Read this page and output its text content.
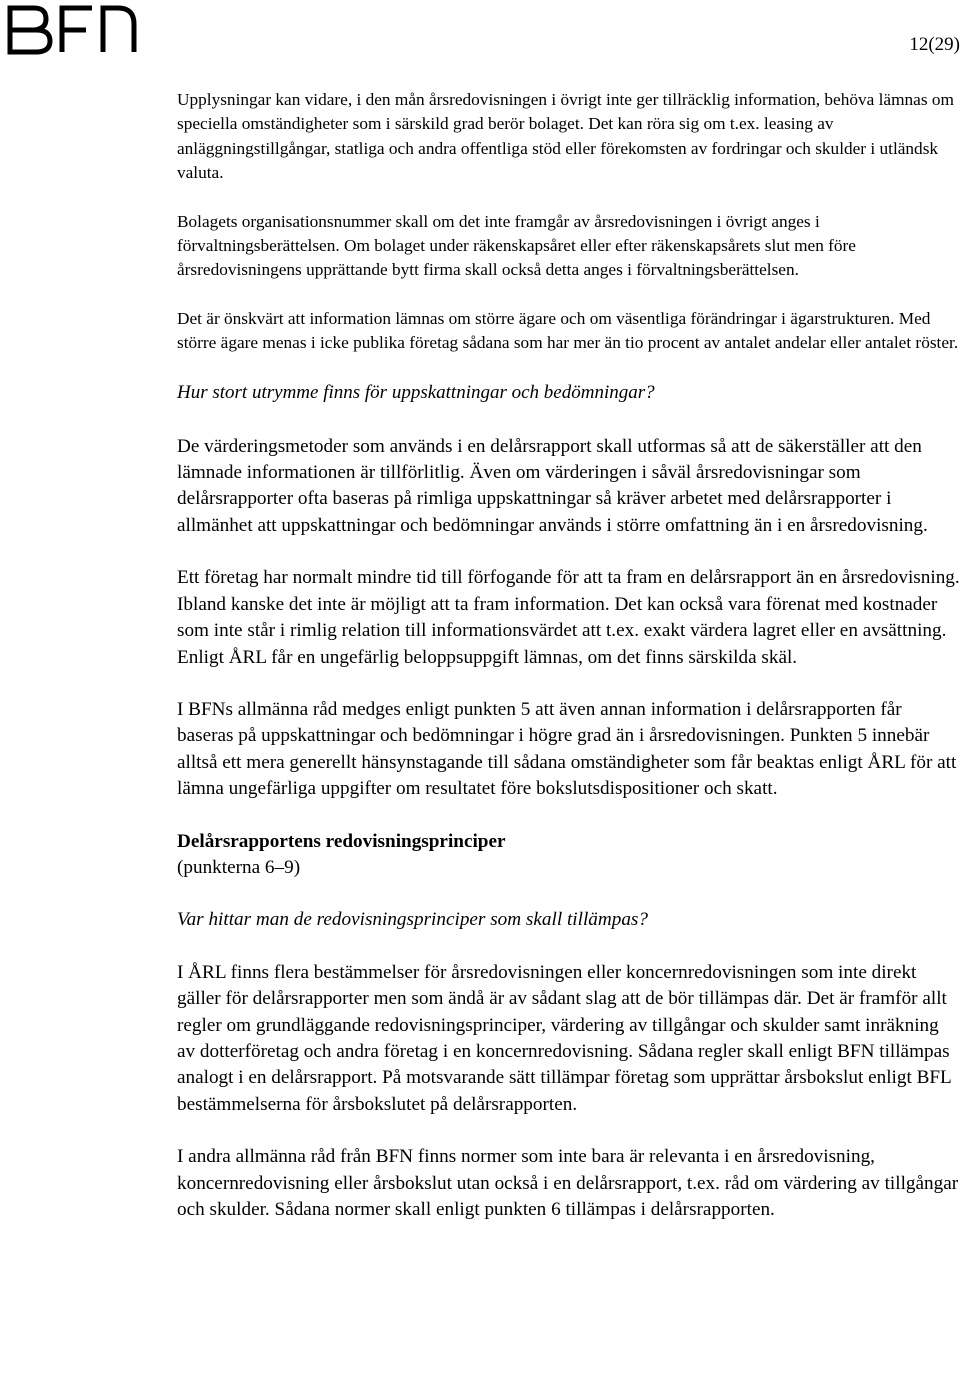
12(29)

Upplysningar kan vidare, i den mån årsredovisningen i övrigt inte ger tillräcklig information, behöva lämnas om speciella omständigheter som i särskild grad berör bolaget. Det kan röra sig om t.ex. leasing av anläggningstillgångar, statliga och andra offentliga stöd eller förekomsten av fordringar och skulder i utländsk valuta.

Bolagets organisationsnummer skall om det inte framgår av årsredovisningen i övrigt anges i förvaltningsberättelsen. Om bolaget under räkenskapsåret eller efter räkenskapsårets slut men före årsredovisningens upprättande bytt firma skall också detta anges i förvaltningsberättelsen.

Det är önskvärt att information lämnas om större ägare och om väsentliga förändringar i ägarstrukturen. Med större ägare menas i icke publika företag sådana som har mer än tio procent av antalet andelar eller antalet röster.

Hur stort utrymme finns för uppskattningar och bedömningar?

De värderingsmetoder som används i en delårsrapport skall utformas så att de säkerställer att den lämnade informationen är tillförlitlig. Även om värderingen i såväl årsredovisningar som delårsrapporter ofta baseras på rimliga uppskattningar så kräver arbetet med delårsrapporter i allmänhet att uppskattningar och bedömningar används i större omfattning än i en årsredovisning.

Ett företag har normalt mindre tid till förfogande för att ta fram en delårsrapport än en årsredovisning. Ibland kanske det inte är möjligt att ta fram information. Det kan också vara förenat med kostnader som inte står i rimlig relation till informationsvärdet att t.ex. exakt värdera lagret eller en avsättning. Enligt ÅRL får en ungefärlig beloppsuppgift lämnas, om det finns särskilda skäl.

I BFNs allmänna råd medges enligt punkten 5 att även annan information i delårsrapporten får baseras på uppskattningar och bedömningar i högre grad än i årsredovisningen. Punkten 5 innebär alltså ett mera generellt hänsynstagande till sådana omständigheter som får beaktas enligt ÅRL för att lämna ungefärliga uppgifter om resultatet före bokslutsdispositioner och skatt.

Delårsrapportens redovisningsprinciper

(punkterna 6–9)

Var hittar man de redovisningsprinciper som skall tillämpas?

I ÅRL finns flera bestämmelser för årsredovisningen eller koncernredovisningen som inte direkt gäller för delårsrapporter men som ändå är av sådant slag att de bör tillämpas där. Det är framför allt regler om grundläggande redovisningsprinciper, värdering av tillgångar och skulder samt inräkning av dotterföretag och andra företag i en koncernredovisning. Sådana regler skall enligt BFN tillämpas analogt i en delårsrapport. På motsvarande sätt tillämpar företag som upprättar årsbokslut enligt BFL bestämmelserna för årsbokslutet på delårsrapporten.

I andra allmänna råd från BFN finns normer som inte bara är relevanta i en årsredovisning, koncernredovisning eller årsbokslut utan också i en delårsrapport, t.ex. råd om värdering av tillgångar och skulder. Sådana normer skall enligt punkten 6 tillämpas i delårsrapporten.
